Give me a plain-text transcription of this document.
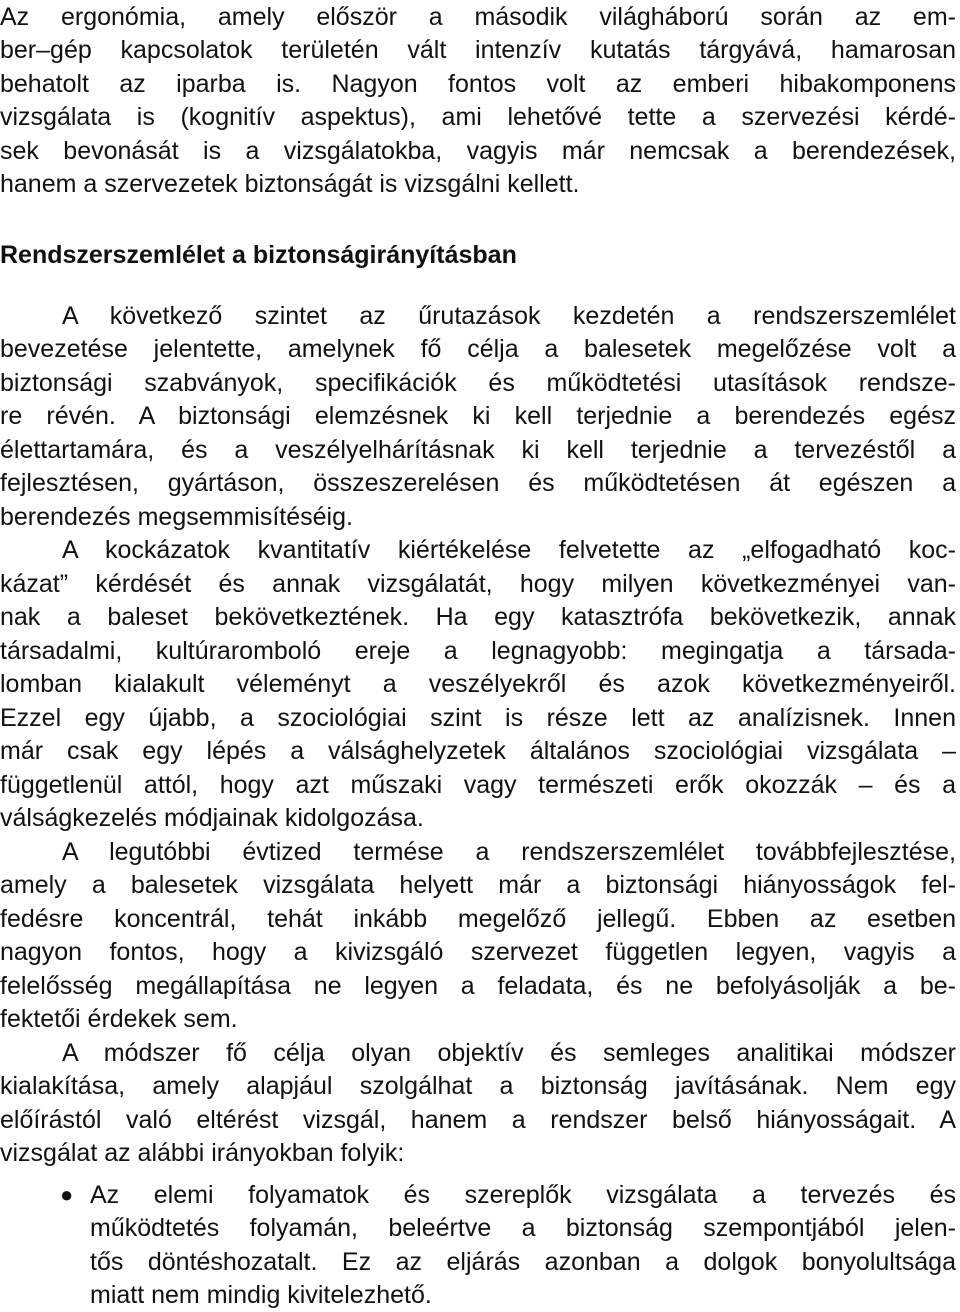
Az ergonómia, amely először a második világháború során az em-
ber–gép kapcsolatok területén vált intenzív kutatás tárgyává, hamarosan
behatolt az iparba is. Nagyon fontos volt az emberi hibakomponens
vizsgálata is (kognitív aspektus), ami lehetővé tette a szervezési kérdé-
sek bevonását is a vizsgálatokba, vagyis már nemcsak a berendezések,
hanem a szervezetek biztonságát is vizsgálni kellett.
Rendszerszemlélet a biztonságirányításban
A következő szintet az űrutazások kezdetén a rendszerszemlélet
bevezetése jelentette, amelynek fő célja a balesetek megelőzése volt a
biztonsági szabványok, specifikációk és működtetési utasítások rendsze-
re révén. A biztonsági elemzésnek ki kell terjednie a berendezés egész
élettartamára, és a veszélyelhárításnak ki kell terjednie a tervezéstől a
fejlesztésen, gyártáson, összeszerelésen és működtetésen át egészen a
berendezés megsemmisítéséig.
A kockázatok kvantitatív kiértékelése felvetette az „elfogadható koc-
kázat” kérdését és annak vizsgálatát, hogy milyen következményei van-
nak a baleset bekövetkeztének. Ha egy katasztrófa bekövetkezik, annak
társadalmi, kultúraromboló ereje a legnagyobb: megingatja a társada-
lomban kialakult véleményt a veszélyekről és azok következményeiről.
Ezzel egy újabb, a szociológiai szint is része lett az analízisnek. Innen
már csak egy lépés a válsághelyzetek általános szociológiai vizsgálata –
függetlenül attól, hogy azt műszaki vagy természeti erők okozzák – és a
válságkezelés módjainak kidolgozása.
A legutóbbi évtized termése a rendszerszemlélet továbbfejlesztése,
amely a balesetek vizsgálata helyett már a biztonsági hiányosságok fel-
fedésre koncentrál, tehát inkább megelőző jellegű. Ebben az esetben
nagyon fontos, hogy a kivizsgáló szervezet független legyen, vagyis a
felelősség megállapítása ne legyen a feladata, és ne befolyásolják a be-
fektetői érdekek sem.
A módszer fő célja olyan objektív és semleges analitikai módszer
kialakítása, amely alapjául szolgálhat a biztonság javításának. Nem egy
előírástól való eltérést vizsgál, hanem a rendszer belső hiányosságait. A
vizsgálat az alábbi irányokban folyik:
● Az elemi folyamatok és szereplők vizsgálata a tervezés és
működtetés folyamán, beleértve a biztonság szempontjából jelen-
tős döntéshozatalt. Ez az eljárás azonban a dolgok bonyolultsága
miatt nem mindig kivitelezhető.
